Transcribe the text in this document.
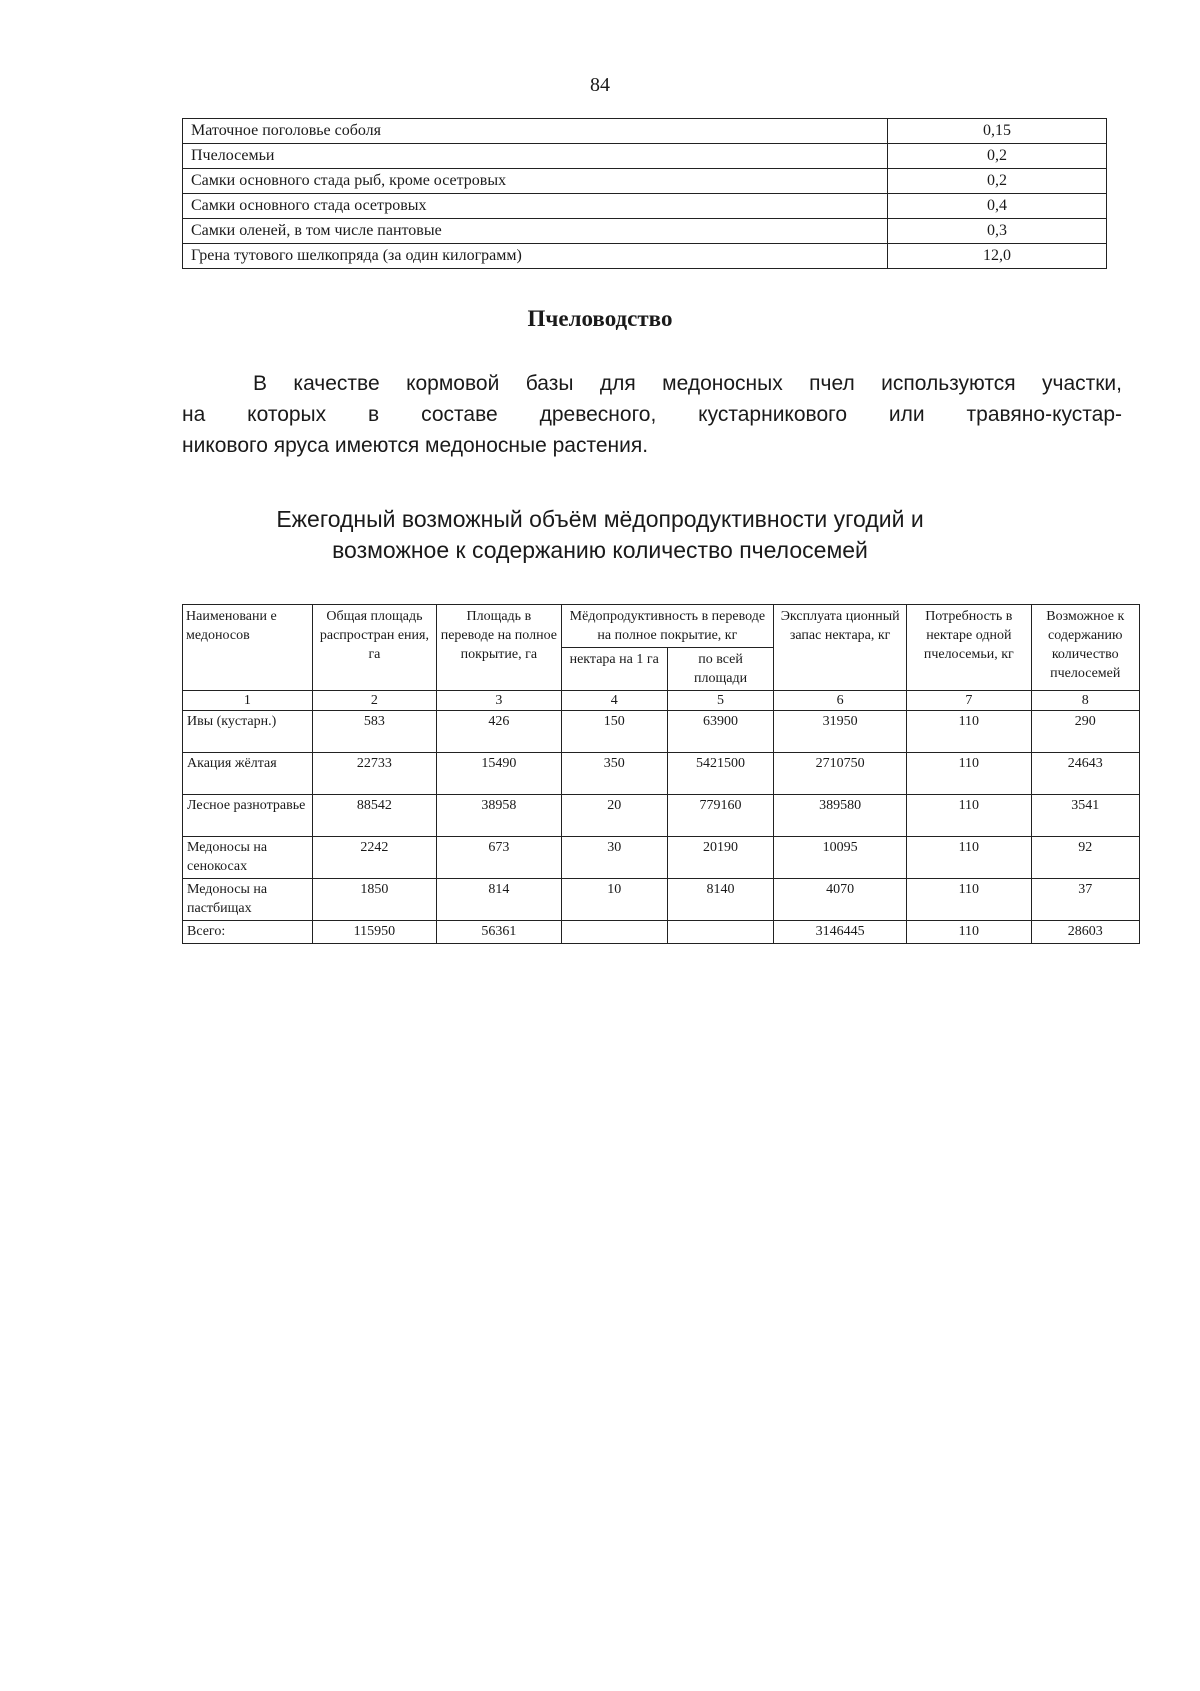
84
Маточное поголовье соболя	0,15
Пчелосемьи	0,2
Самки основного стада рыб, кроме осетровых	0,2
Самки основного стада осетровых	0,4
Самки оленей, в том числе пантовые	0,3
Грена тутового шелкопряда (за один килограмм)	12,0
Пчеловодство
В качестве кормовой базы для медоносных пчел используются участки,
на которых в составе древесного, кустарникового или травяно-кустар-
никового яруса имеются медоносные растения.
Ежегодный возможный объём мёдопродуктивности угодий и
возможное к содержанию количество пчелосемей
Наименовани е медоносов	Общая площадь распростран ения, га	Площадь в переводе на полное покрытие, га	Мёдопродуктивность в переводе на полное покрытие, кг		Эксплуата ционный запас нектара, кг	Потребность в нектаре одной пчелосемьи, кг	Возможное к содержанию количество пчелосемей
			нектара на 1 га	по всей площади			
1	2	3	4	5	6	7	8
Ивы (кустарн.)	583	426	150	63900	31950	110	290
Акация жёлтая	22733	15490	350	5421500	2710750	110	24643
Лесное разнотравье	88542	38958	20	779160	389580	110	3541
Медоносы на сенокосах	2242	673	30	20190	10095	110	92
Медоносы на пастбищах	1850	814	10	8140	4070	110	37
Всего:	115950	56361			3146445	110	28603
